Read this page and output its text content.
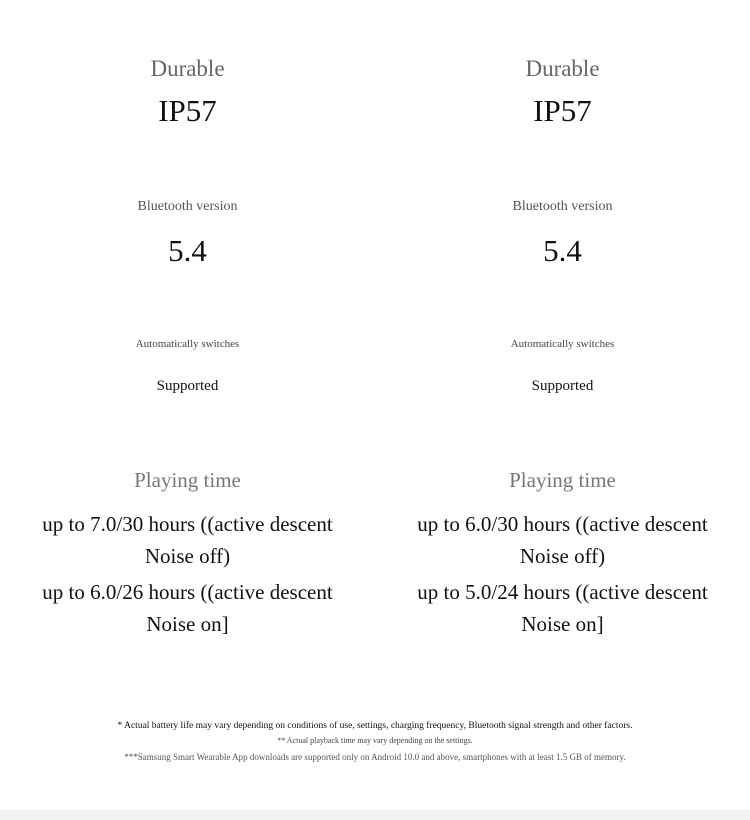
Durable
IP57
Bluetooth version
5.4
Automatically switches
Supported
Playing time
up to 7.0/30 hours ((active descent
Noise off)
up to 6.0/26 hours ((active descent
Noise on]
Durable
IP57
Bluetooth version
5.4
Automatically switches
Supported
Playing time
up to 6.0/30 hours ((active descent
Noise off)
up to 5.0/24 hours ((active descent
Noise on]
* Actual battery life may vary depending on conditions of use, settings, charging frequency, Bluetooth signal strength and other factors.
** Actual playback time may vary depending on the settings.
***Samsung Smart Wearable App downloads are supported only on Android 10.0 and above, smartphones with at least 1.5 GB of memory.
